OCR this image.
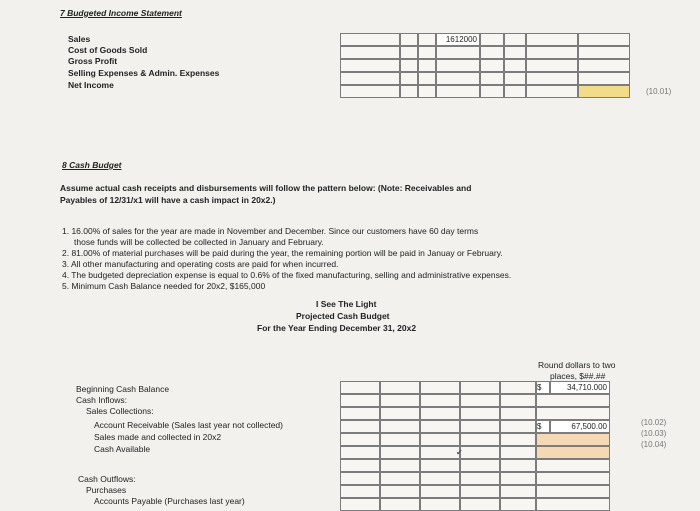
7 Budgeted Income Statement
Sales
Cost of Goods Sold
Gross Profit
Selling Expenses & Admin. Expenses
Net Income
1612000
(10.01)
8 Cash Budget
Assume actual cash receipts and disbursements will follow the pattern below: (Note: Receivables and
Payables of 12/31/x1 will have a cash impact in 20x2.)
1. 16.00% of sales for the year are made in November and December. Since our customers have 60 day terms
those funds will be collected be collected in January and February.
2. 81.00% of material purchases will be paid during the year, the remaining portion will be paid in Januay or February.
3. All other manufacturing and operating costs are paid for when incurred.
4. The budgeted depreciation expense is equal to 0.6% of the fixed manufacturing, selling and administrative expenses.
5. Minimum Cash Balance needed for 20x2, $165,000
I See The Light
Projected Cash Budget
For the Year Ending December 31, 20x2
Round dollars to two
places, $##.##
Beginning Cash Balance
Cash Inflows:
Sales Collections:
Account Receivable (Sales last year not collected)
Sales made and collected in 20x2
Cash Available
Cash Outflows:
Purchases
Accounts Payable (Purchases last year)
$	34,710.000
$	67,500.00
✔
(10.02)
(10.03)
(10.04)
